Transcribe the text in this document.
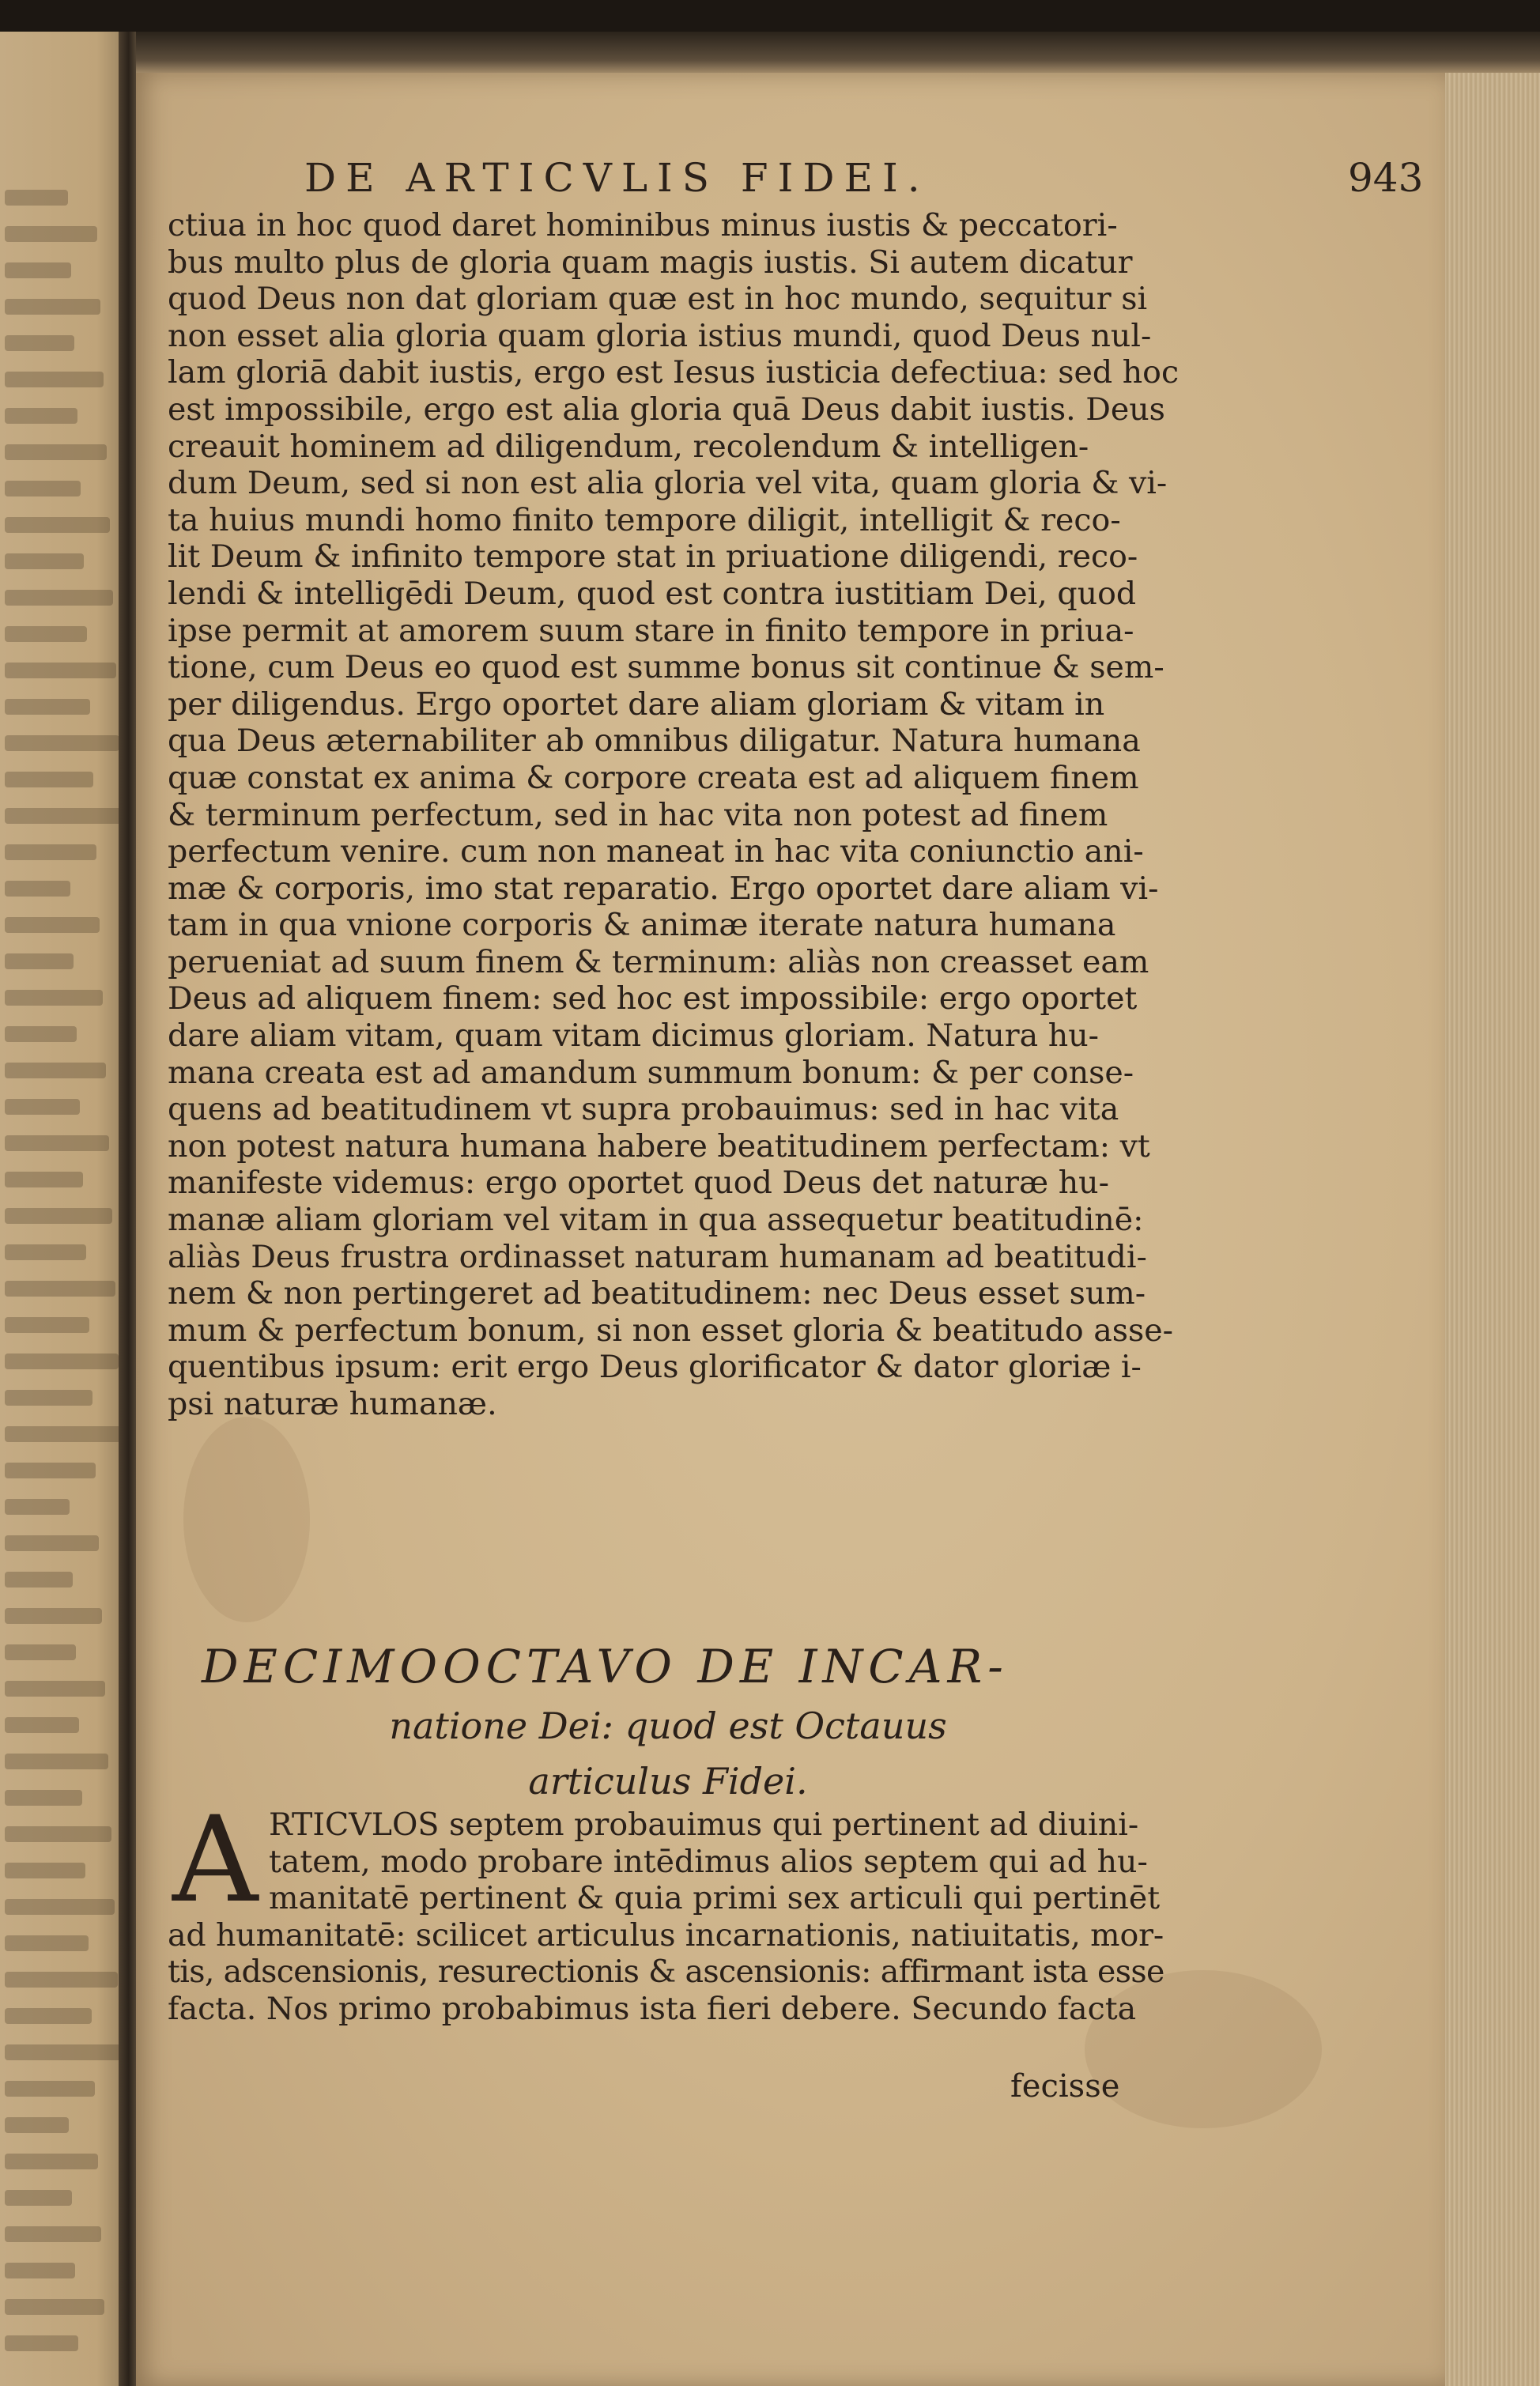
DE ARTICVLIS FIDEI.	943
ctiua in hoc quod daret hominibus minus iustis & peccatori-
bus multo plus de gloria quam magis iustis. Si autem dicatur
quod Deus non dat gloriam quæ est in hoc mundo, sequitur si
non esset alia gloria quam gloria istius mundi, quod Deus nul-
lam gloriā dabit iustis, ergo est Iesus iusticia defectiua: sed hoc
est impossibile, ergo est alia gloria quā Deus dabit iustis. Deus
creauit hominem ad diligendum, recolendum & intelligen-
dum Deum, sed si non est alia gloria vel vita, quam gloria & vi-
ta huius mundi homo finito tempore diligit, intelligit & reco-
lit Deum & infinito tempore stat in priuatione diligendi, reco-
lendi & intelligēdi Deum, quod est contra iustitiam Dei, quod
ipse permit at amorem suum stare in finito tempore in priua-
tione, cum Deus eo quod est summe bonus sit continue & sem-
per diligendus. Ergo oportet dare aliam gloriam & vitam in
qua Deus æternabiliter ab omnibus diligatur. Natura humana
quæ constat ex anima & corpore creata est ad aliquem finem
& terminum perfectum, sed in hac vita non potest ad finem
perfectum venire. cum non maneat in hac vita coniunctio ani-
mæ & corporis, imo stat reparatio. Ergo oportet dare aliam vi-
tam in qua vnione corporis & animæ iterate natura humana
perueniat ad suum finem & terminum: aliàs non creasset eam
Deus ad aliquem finem: sed hoc est impossibile: ergo oportet
dare aliam vitam, quam vitam dicimus gloriam. Natura hu-
mana creata est ad amandum summum bonum: & per conse-
quens ad beatitudinem vt supra probauimus: sed in hac vita
non potest natura humana habere beatitudinem perfectam: vt
manifeste videmus: ergo oportet quod Deus det naturæ hu-
manæ aliam gloriam vel vitam in qua assequetur beatitudinē:
aliàs Deus frustra ordinasset naturam humanam ad beatitudi-
nem & non pertingeret ad beatitudinem: nec Deus esset sum-
mum & perfectum bonum, si non esset gloria & beatitudo asse-
quentibus ipsum: erit ergo Deus glorificator & dator gloriæ i-
psi naturæ humanæ.
DECIMOOCTAVO DE INCAR-
natione Dei: quod est Octauus
articulus Fidei.
A RTICVLOS septem probauimus qui pertinent ad diuini-
tatem, modo probare intēdimus alios septem qui ad hu-
manitatē pertinent & quia primi sex articuli qui pertinēt
ad humanitatē: scilicet articulus incarnationis, natiuitatis, mor-
tis, adscensionis, resurectionis & ascensionis: affirmant ista esse
facta. Nos primo probabimus ista fieri debere. Secundo facta
fecisse
